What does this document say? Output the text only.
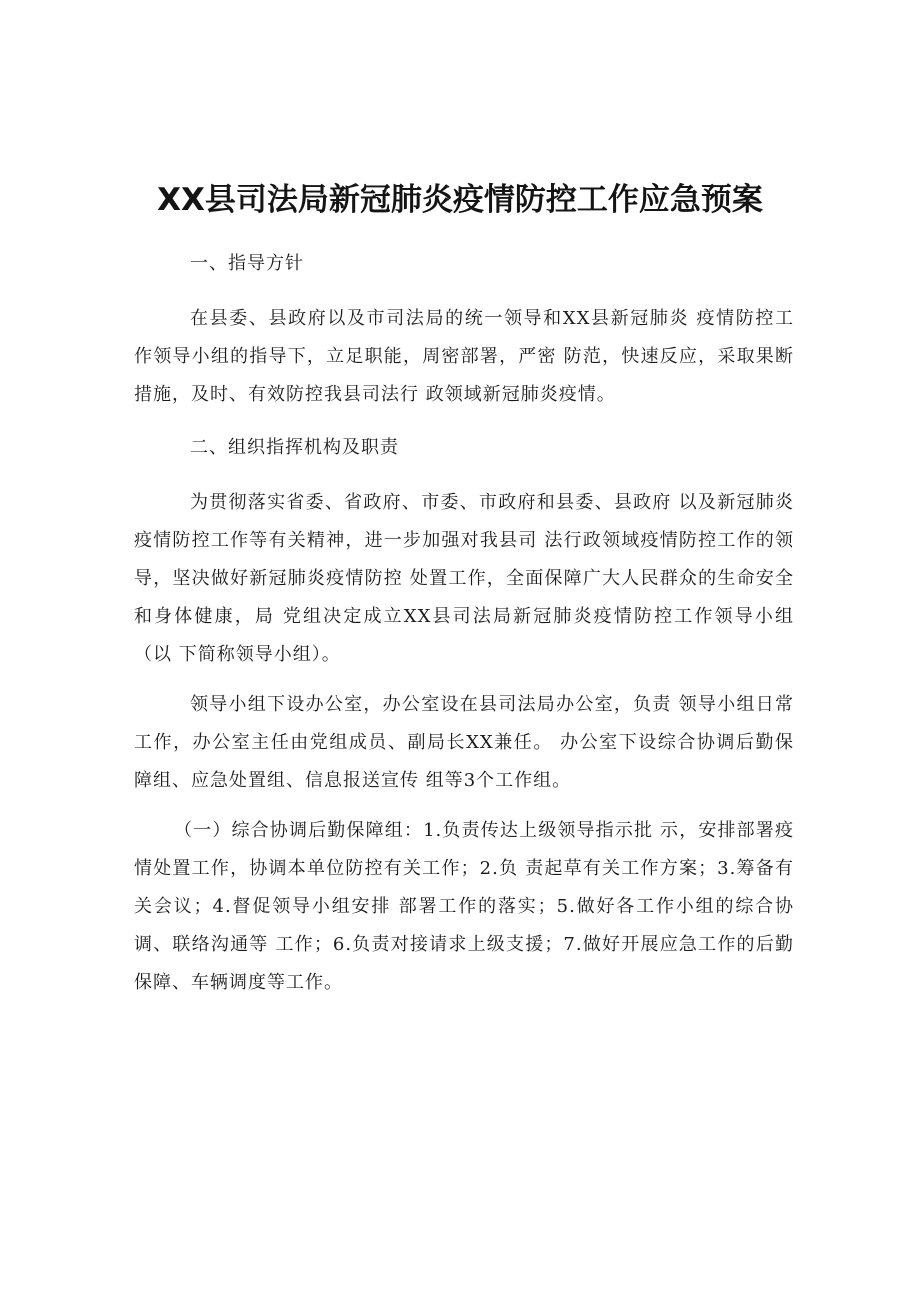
XX县司法局新冠肺炎疫情防控工作应急预案

一、指导方针

在县委、县政府以及市司法局的统一领导和XX县新冠肺炎 疫情防控工作领导小组的指导下，立足职能，周密部署，严密 防范，快速反应，采取果断措施，及时、有效防控我县司法行 政领域新冠肺炎疫情。

二、组织指挥机构及职责

为贯彻落实省委、省政府、市委、市政府和县委、县政府 以及新冠肺炎疫情防控工作等有关精神，进一步加强对我县司 法行政领域疫情防控工作的领导，坚决做好新冠肺炎疫情防控 处置工作，全面保障广大人民群众的生命安全和身体健康，局 党组决定成立XX县司法局新冠肺炎疫情防控工作领导小组（以 下简称领导小组）。

领导小组下设办公室，办公室设在县司法局办公室，负责 领导小组日常工作，办公室主任由党组成员、副局长XX兼任。 办公室下设综合协调后勤保障组、应急处置组、信息报送宣传 组等3个工作组。

（一）综合协调后勤保障组：1.负责传达上级领导指示批 示，安排部署疫情处置工作，协调本单位防控有关工作；2.负 责起草有关工作方案；3.筹备有关会议；4.督促领导小组安排 部署工作的落实；5.做好各工作小组的综合协调、联络沟通等 工作；6.负责对接请求上级支援；7.做好开展应急工作的后勤 保障、车辆调度等工作。
